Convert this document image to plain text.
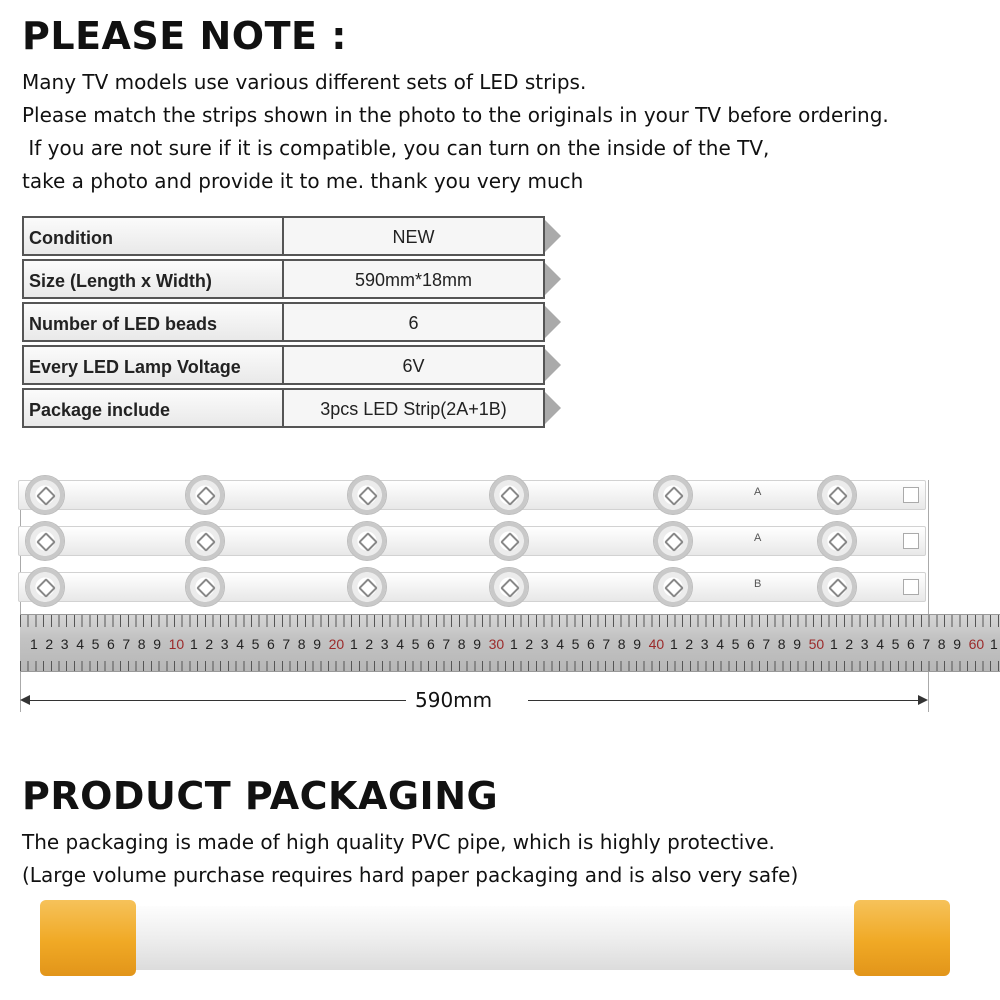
PLEASE NOTE :
Many TV models use various different sets of LED strips.
Please match the strips shown in the photo to the originals in your TV before ordering.
If you are not sure if it is compatible, you can turn on the inside of the TV,
take a photo and provide it to me. thank you very much
Condition	NEW
Size (Length x Width)	590mm*18mm
Number of LED beads	6
Every LED Lamp Voltage	6V
Package include	3pcs LED Strip(2A+1B)
A
A
B
1 2 3 4 5 6 7 8 9 10 1 2 3 4 5 6 7 8 9 20 1 2 3 4 5 6 7 8 9 30 1 2 3 4 5 6 7 8 9 40 1 2 3 4 5 6 7 8 9 50 1 2 3 4 5 6 7 8 9 60 1
590mm
PRODUCT PACKAGING
The packaging is made of high quality PVC pipe, which is highly protective.
(Large volume purchase requires hard paper packaging and is also very safe)
